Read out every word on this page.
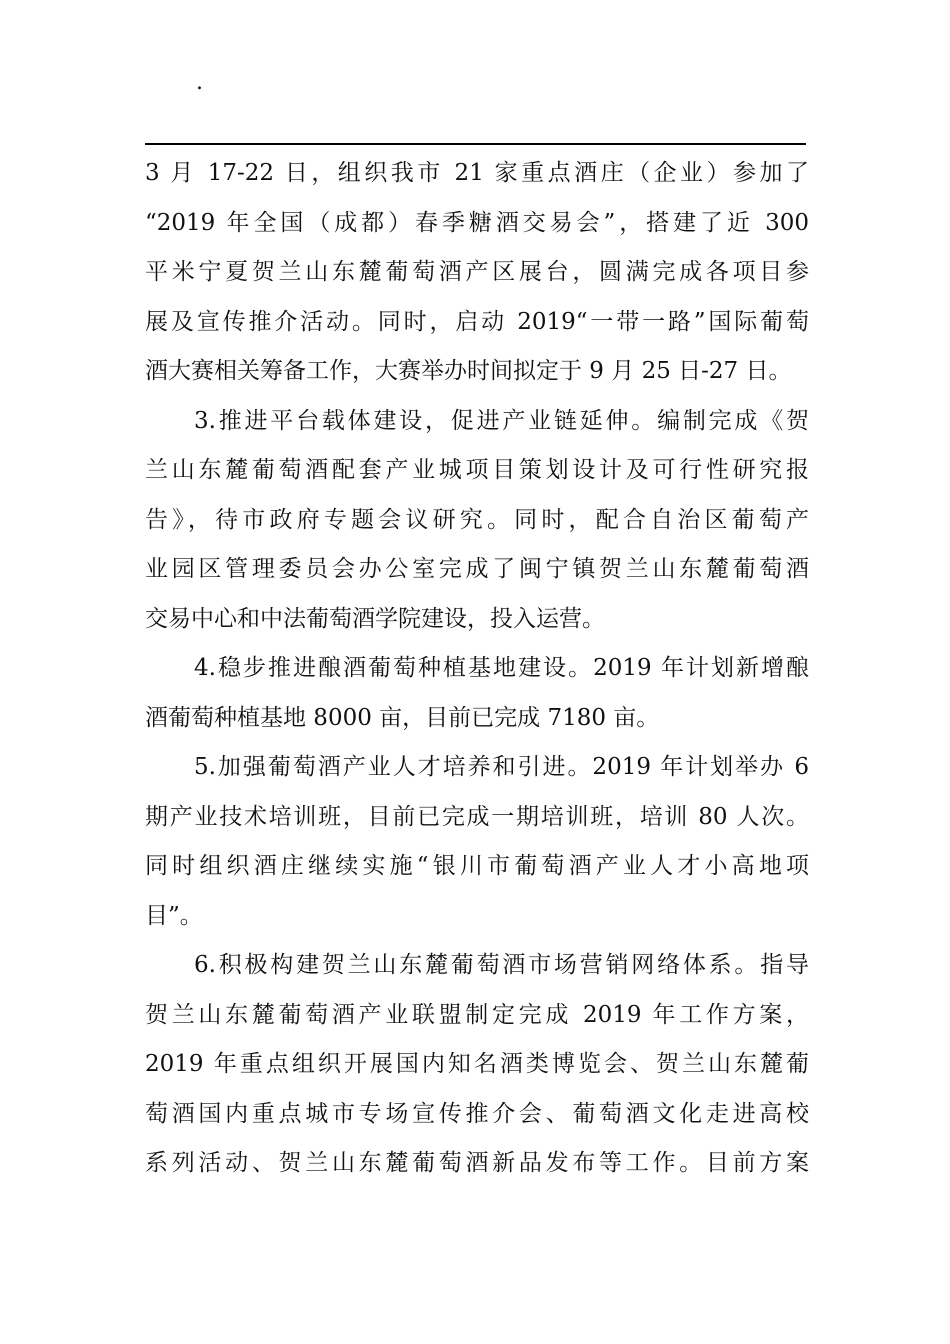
.
3 月 17-22 日，组织我市 21 家重点酒庄（企业）参加了
“2019 年全国（成都）春季糖酒交易会”，搭建了近 300
平米宁夏贺兰山东麓葡萄酒产区展台，圆满完成各项目参
展及宣传推介活动。同时，启动 2019“一带一路”国际葡萄
酒大赛相关筹备工作，大赛举办时间拟定于 9 月 25 日-27 日。
3.推进平台载体建设，促进产业链延伸。编制完成《贺
兰山东麓葡萄酒配套产业城项目策划设计及可行性研究报
告》，待市政府专题会议研究。同时，配合自治区葡萄产
业园区管理委员会办公室完成了闽宁镇贺兰山东麓葡萄酒
交易中心和中法葡萄酒学院建设，投入运营。
4.稳步推进酿酒葡萄种植基地建设。2019 年计划新增酿
酒葡萄种植基地 8000 亩，目前已完成 7180 亩。
5.加强葡萄酒产业人才培养和引进。2019 年计划举办 6
期产业技术培训班，目前已完成一期培训班，培训 80 人次。
同时组织酒庄继续实施“银川市葡萄酒产业人才小高地项
目”。
6.积极构建贺兰山东麓葡萄酒市场营销网络体系。指导
贺兰山东麓葡萄酒产业联盟制定完成 2019 年工作方案，
2019 年重点组织开展国内知名酒类博览会、贺兰山东麓葡
萄酒国内重点城市专场宣传推介会、葡萄酒文化走进高校
系列活动、贺兰山东麓葡萄酒新品发布等工作。目前方案
